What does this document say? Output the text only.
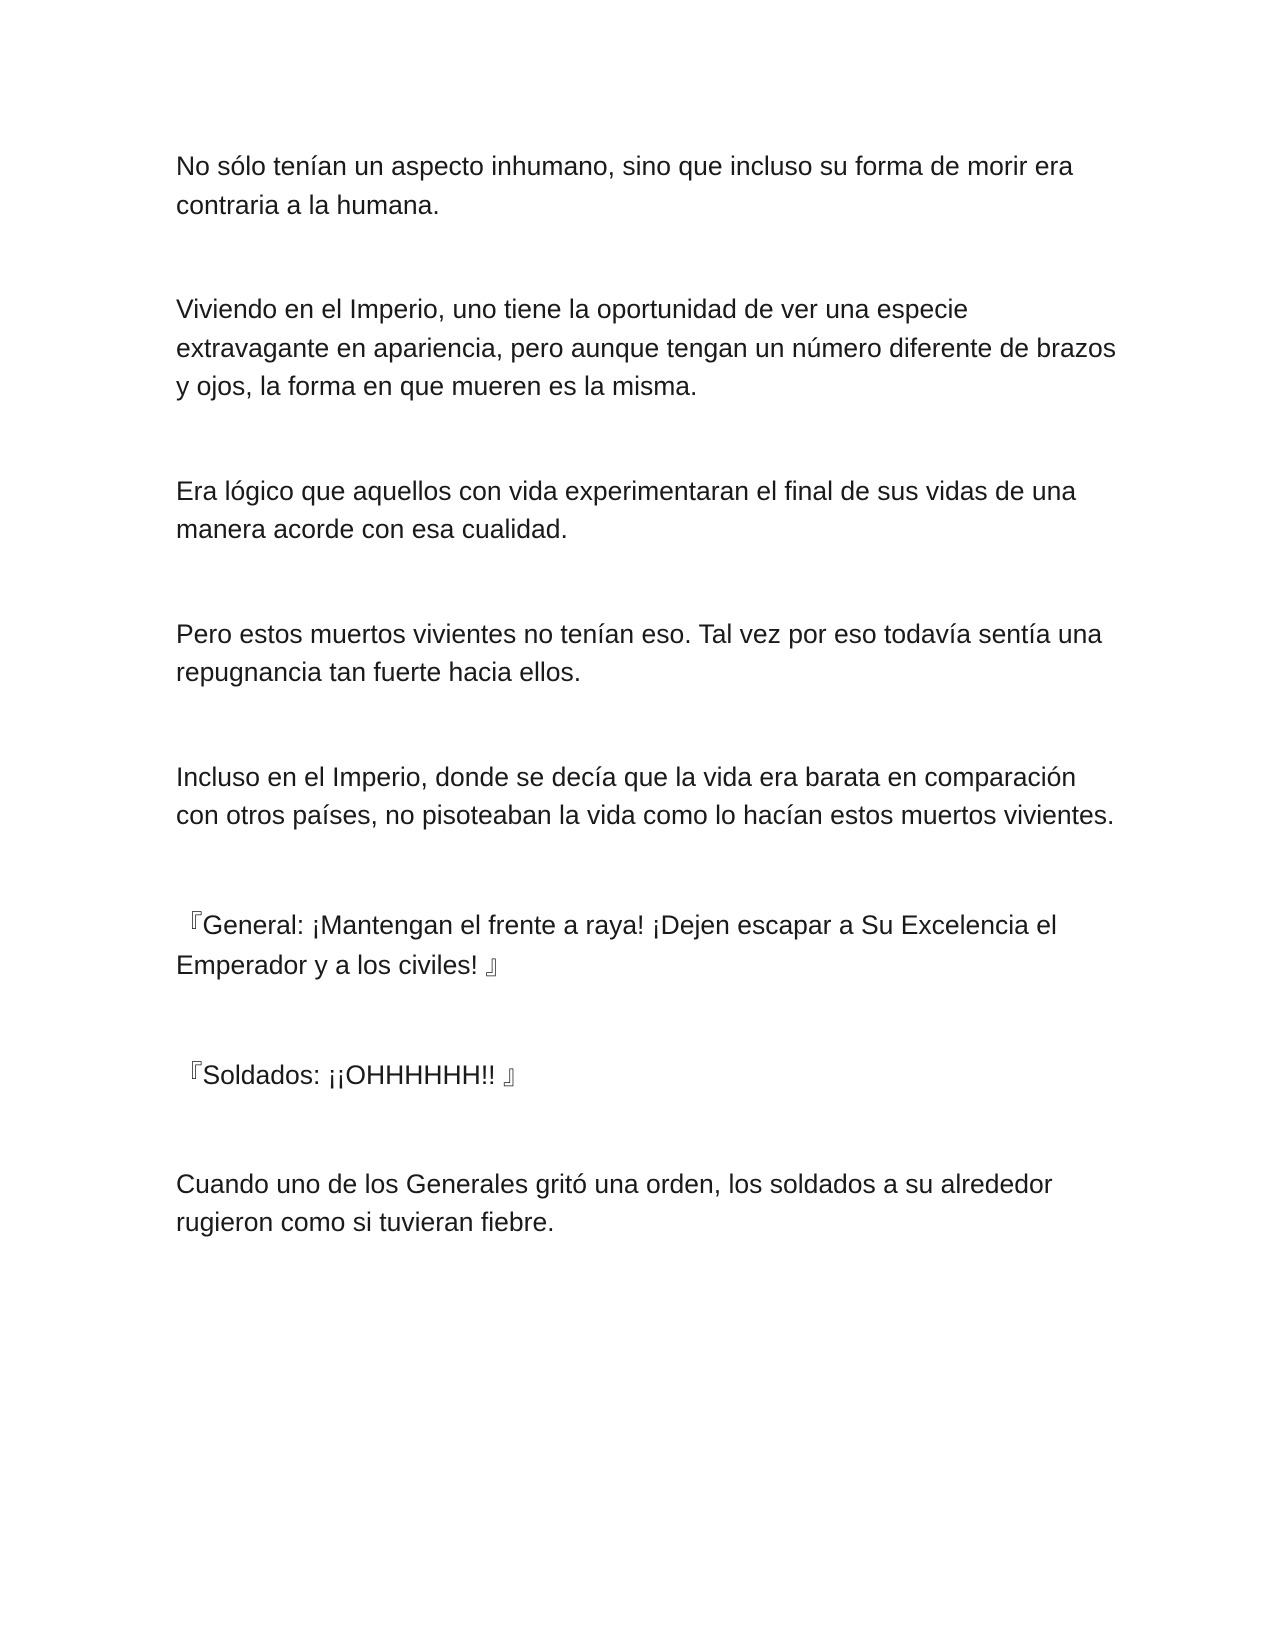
No sólo tenían un aspecto inhumano, sino que incluso su forma de morir era contraria a la humana.

Viviendo en el Imperio, uno tiene la oportunidad de ver una especie extravagante en apariencia, pero aunque tengan un número diferente de brazos y ojos, la forma en que mueren es la misma.

Era lógico que aquellos con vida experimentaran el final de sus vidas de una manera acorde con esa cualidad.

Pero estos muertos vivientes no tenían eso. Tal vez por eso todavía sentía una repugnancia tan fuerte hacia ellos.

Incluso en el Imperio, donde se decía que la vida era barata en comparación con otros países, no pisoteaban la vida como lo hacían estos muertos vivientes.

『General: ¡Mantengan el frente a raya! ¡Dejen escapar a Su Excelencia el Emperador y a los civiles! 』

『Soldados: ¡¡OHHHHHH!! 』

Cuando uno de los Generales gritó una orden, los soldados a su alrededor rugieron como si tuvieran fiebre.
